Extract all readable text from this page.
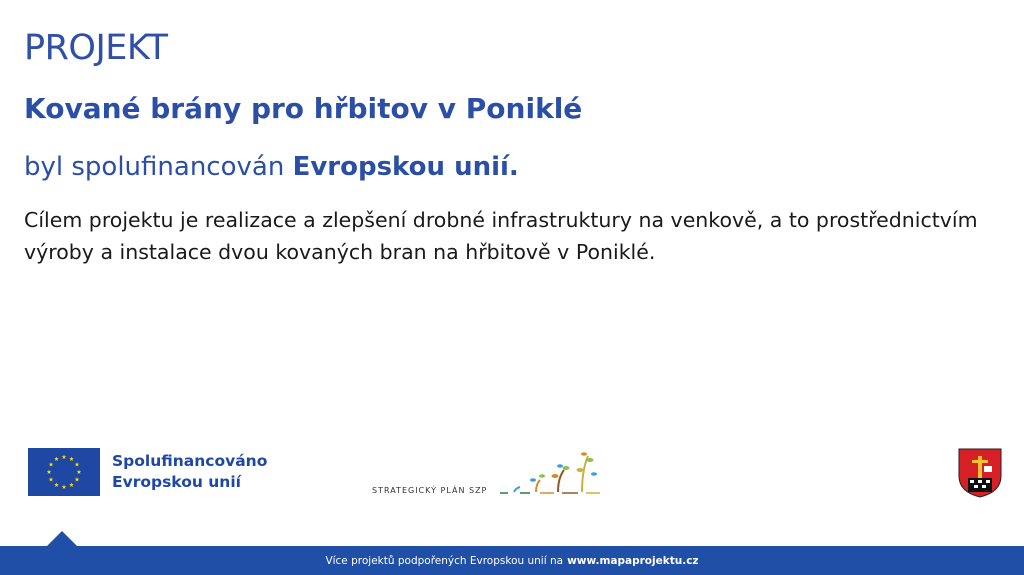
PROJEKT
Kované brány pro hřbitov v Poniklé
byl spolufinancován Evropskou unií.
Cílem projektu je realizace a zlepšení drobné infrastruktury na venkově, a to prostřednictvím výroby a instalace dvou kovaných bran na hřbitově v Poniklé.
Spolufinancováno
Evropskou unií	STRATEGICKÝ PLÁN SZP
Více projektů podpořených Evropskou unií na www.mapaprojektu.cz
